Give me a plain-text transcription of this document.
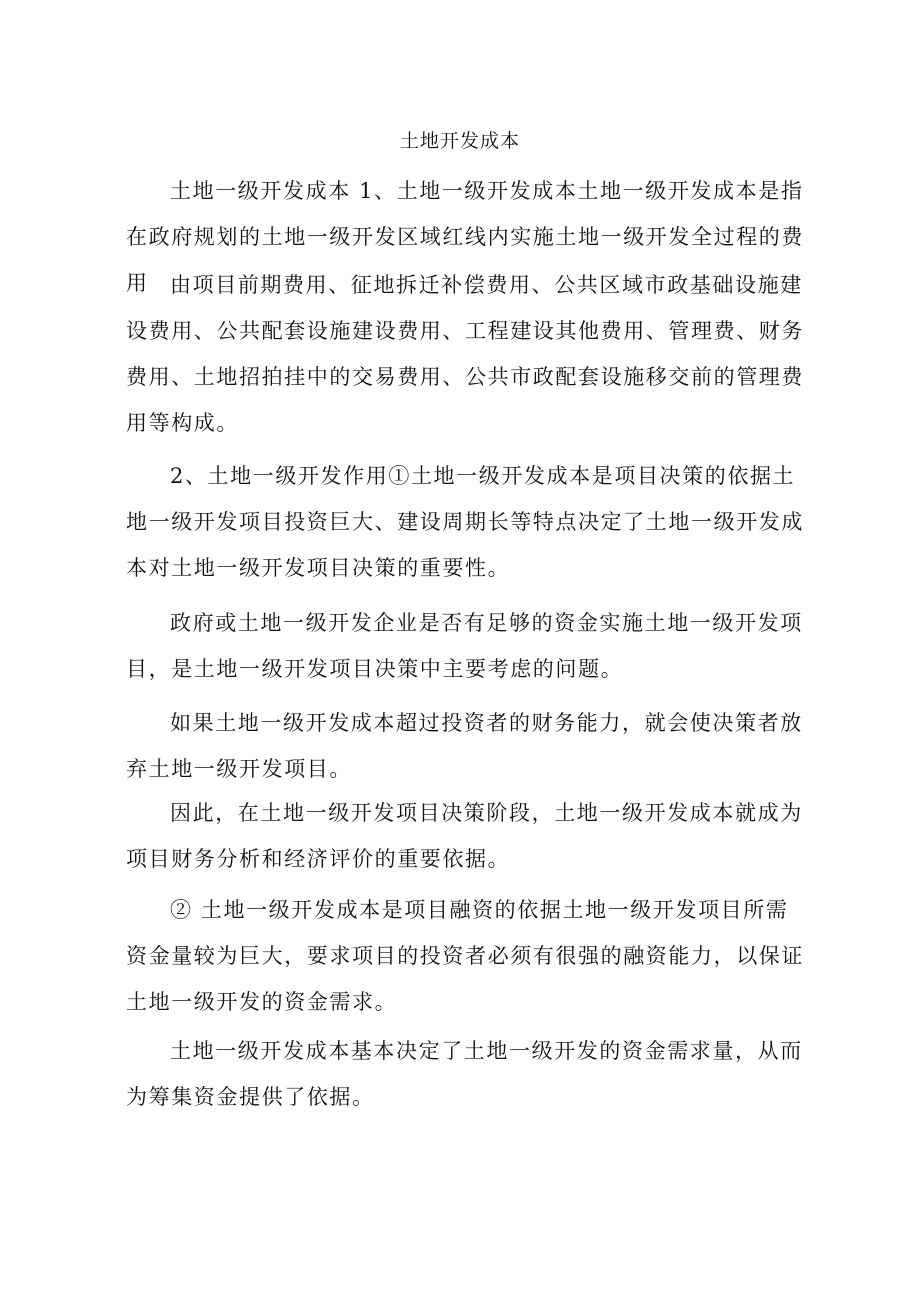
土地开发成本

土地一级开发成本 1、土地一级开发成本土地一级开发成本是指在政府规划的土地一级开发区域红线内实施土地一级开发全过程的费用	由项目前期费用、征地拆迁补偿费用、公共区域市政基础设施建设费用、公共配套设施建设费用、工程建设其他费用、管理费、财务费用、土地招拍挂中的交易费用、公共市政配套设施移交前的管理费用等构成。

2、土地一级开发作用①土地一级开发成本是项目决策的依据土地一级开发项目投资巨大、建设周期长等特点决定了土地一级开发成本对土地一级开发项目决策的重要性。

政府或土地一级开发企业是否有足够的资金实施土地一级开发项目，是土地一级开发项目决策中主要考虑的问题。

如果土地一级开发成本超过投资者的财务能力，就会使决策者放弃土地一级开发项目。

因此，在土地一级开发项目决策阶段，土地一级开发成本就成为项目财务分析和经济评价的重要依据。

② 土地一级开发成本是项目融资的依据土地一级开发项目所需资金量较为巨大，要求项目的投资者必须有很强的融资能力，以保证土地一级开发的资金需求。

土地一级开发成本基本决定了土地一级开发的资金需求量，从而为筹集资金提供了依据。
